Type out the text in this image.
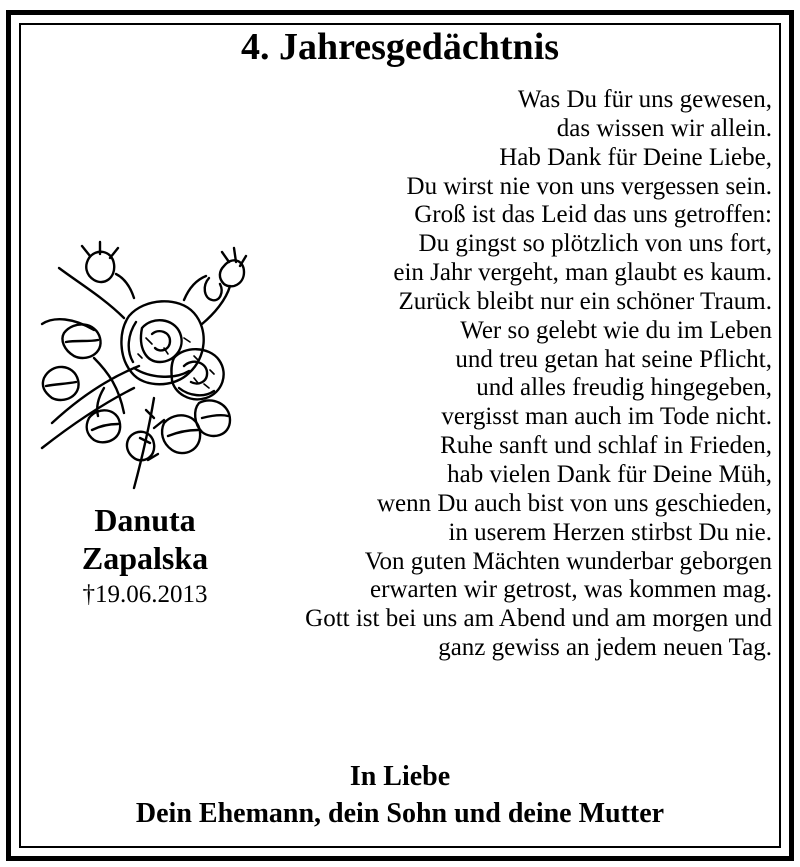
4. Jahresgedächtnis
Was Du für uns gewesen,
das wissen wir allein.
Hab Dank für Deine Liebe,
Du wirst nie von uns vergessen sein.
Groß ist das Leid das uns getroffen:
Du gingst so plötzlich von uns fort,
ein Jahr vergeht, man glaubt es kaum.
Zurück bleibt nur ein schöner Traum.
Wer so gelebt wie du im Leben
und treu getan hat seine Pflicht,
und alles freudig hingegeben,
vergisst man auch im Tode nicht.
Ruhe sanft und schlaf in Frieden,
hab vielen Dank für Deine Müh,
wenn Du auch bist von uns geschieden,
in userem Herzen stirbst Du nie.
Von guten Mächten wunderbar geborgen
erwarten wir getrost, was kommen mag.
Gott ist bei uns am Abend und am morgen und
ganz gewiss an jedem neuen Tag.
Danuta
Zapalska
†19.06.2013
In Liebe
Dein Ehemann, dein Sohn und deine Mutter
